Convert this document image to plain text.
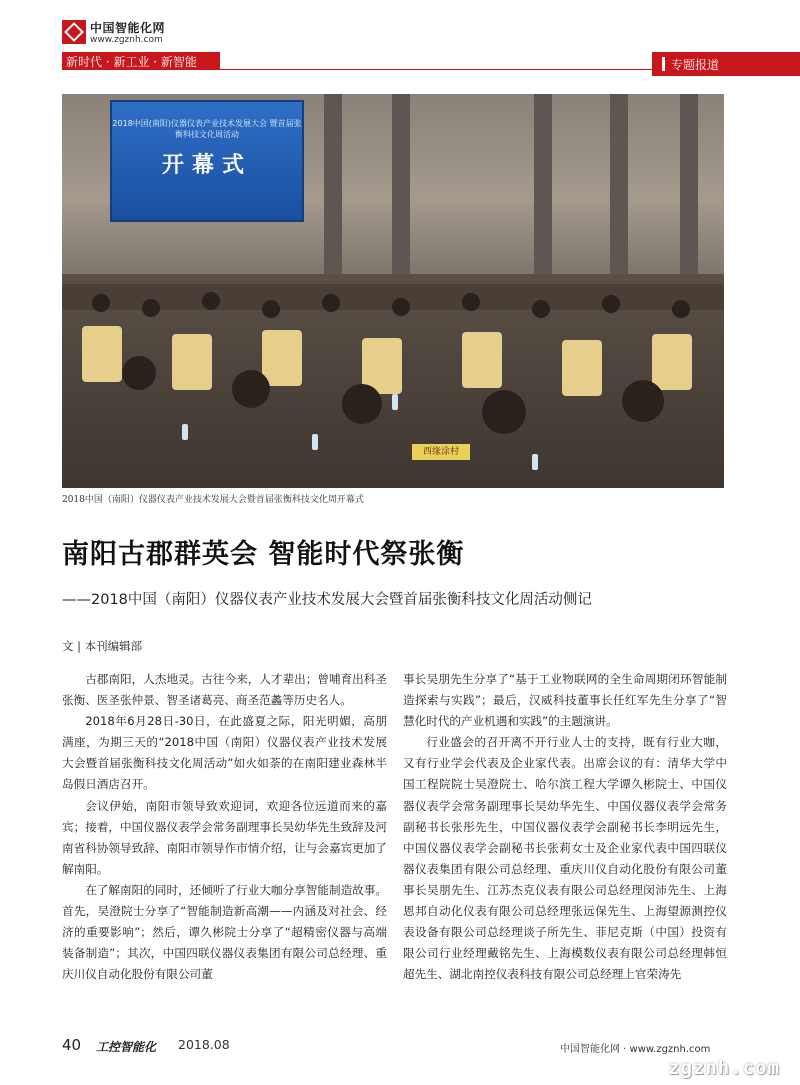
中国智能化网
www.zgznh.com
新时代 · 新工业 · 新智能	专题报道
2018中国(南阳)仪器仪表产业技术发展大会 暨首届张衡科技文化周活动
开幕式
西缘涂村
2018中国（南阳）仪器仪表产业技术发展大会暨首届张衡科技文化周开幕式
南阳古郡群英会 智能时代祭张衡
——2018中国（南阳）仪器仪表产业技术发展大会暨首届张衡科技文化周活动侧记
文 | 本刊编辑部

古郡南阳，人杰地灵。古往今来，人才辈出；曾哺育出科圣张衡、医圣张仲景、智圣诸葛亮、商圣范蠡等历史名人。

2018年6月28日-30日，在此盛夏之际，阳光明媚，高朋满座，为期三天的“2018中国（南阳）仪器仪表产业技术发展大会暨首届张衡科技文化周活动”如火如荼的在南阳建业森林半岛假日酒店召开。

会议伊始，南阳市领导致欢迎词，欢迎各位远道而来的嘉宾；接着，中国仪器仪表学会常务副理事长吴幼华先生致辞及河南省科协领导致辞、南阳市领导作市情介绍，让与会嘉宾更加了解南阳。

在了解南阳的同时，还倾听了行业大咖分享智能制造故事。首先，吴澄院士分享了“智能制造新高潮——内涵及对社会、经济的重要影响”；然后，谭久彬院士分享了“超精密仪器与高端装备制造”；其次，中国四联仪器仪表集团有限公司总经理、重庆川仪自动化股份有限公司董

事长吴朋先生分享了“基于工业物联网的全生命周期闭环智能制造探索与实践”；最后，汉威科技董事长任红军先生分享了“智慧化时代的产业机遇和实践”的主题演讲。

行业盛会的召开离不开行业人士的支持，既有行业大咖，又有行业学会代表及企业家代表。出席会议的有：清华大学中国工程院院士吴澄院士、哈尔滨工程大学谭久彬院士、中国仪器仪表学会常务副理事长吴幼华先生、中国仪器仪表学会常务副秘书长张彤先生，中国仪器仪表学会副秘书长李明远先生，中国仪器仪表学会副秘书长张莉女士及企业家代表中国四联仪器仪表集团有限公司总经理、重庆川仪自动化股份有限公司董事长吴朋先生、江苏杰克仪表有限公司总经理闵沛先生、上海恩邦自动化仪表有限公司总经理张远保先生、上海望源测控仪表设备有限公司总经理谈子所先生、菲尼克斯（中国）投资有限公司行业经理戴铭先生、上海模数仪表有限公司总经理韩恒超先生、湖北南控仪表科技有限公司总经理上官荣涛先

40 工控智能化 2018.08	中国智能化网 · www.zgznh.com
zgznh.com
